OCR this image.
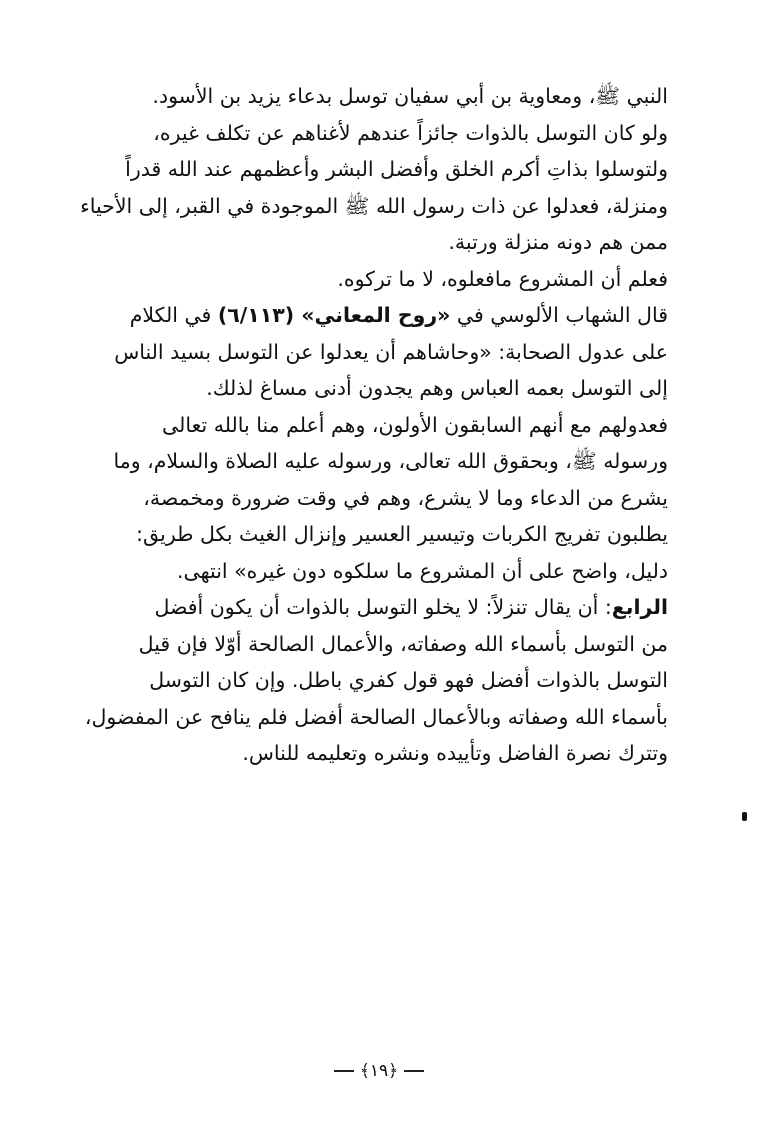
النبي ﷺ، ومعاوية بن أبي سفيان توسل بدعاء يزيد بن الأسود.
ولو كان التوسل بالذوات جائزاً عندهم لأغناهم عن تكلف غيره،
ولتوسلوا بذاتِ أكرم الخلق وأفضل البشر وأعظمهم عند الله قدراً
ومنزلة، فعدلوا عن ذات رسول الله ﷺ الموجودة في القبر، إلى الأحياء
ممن هم دونه منزلة ورتبة.
فعلم أن المشروع مافعلوه، لا ما تركوه.
قال الشهاب الألوسي في «روح المعاني» (٦/١١٣) في الكلام
على عدول الصحابة: «وحاشاهم أن يعدلوا عن التوسل بسيد الناس
إلى التوسل بعمه العباس وهم يجدون أدنى مساغ لذلك.
فعدولهم مع أنهم السابقون الأولون، وهم أعلم منا بالله تعالى
ورسوله ﷺ، وبحقوق الله تعالى، ورسوله عليه الصلاة والسلام، وما
يشرع من الدعاء وما لا يشرع، وهم في وقت ضرورة ومخمصة،
يطلبون تفريج الكربات وتيسير العسير وإنزال الغيث بكل طريق:
دليل، واضح على أن المشروع ما سلكوه دون غيره» انتهى.
الرابع: أن يقال تنزلاً: لا يخلو التوسل بالذوات أن يكون أفضل
من التوسل بأسماء الله وصفاته، والأعمال الصالحة أوّلا فإن قيل
التوسل بالذوات أفضل فهو قول كفري باطل. وإن كان التوسل
بأسماء الله وصفاته وبالأعمال الصالحة أفضل فلم ينافح عن المفضول،
وتترك نصرة الفاضل وتأييده ونشره وتعليمه للناس.
﴿١٩﴾
